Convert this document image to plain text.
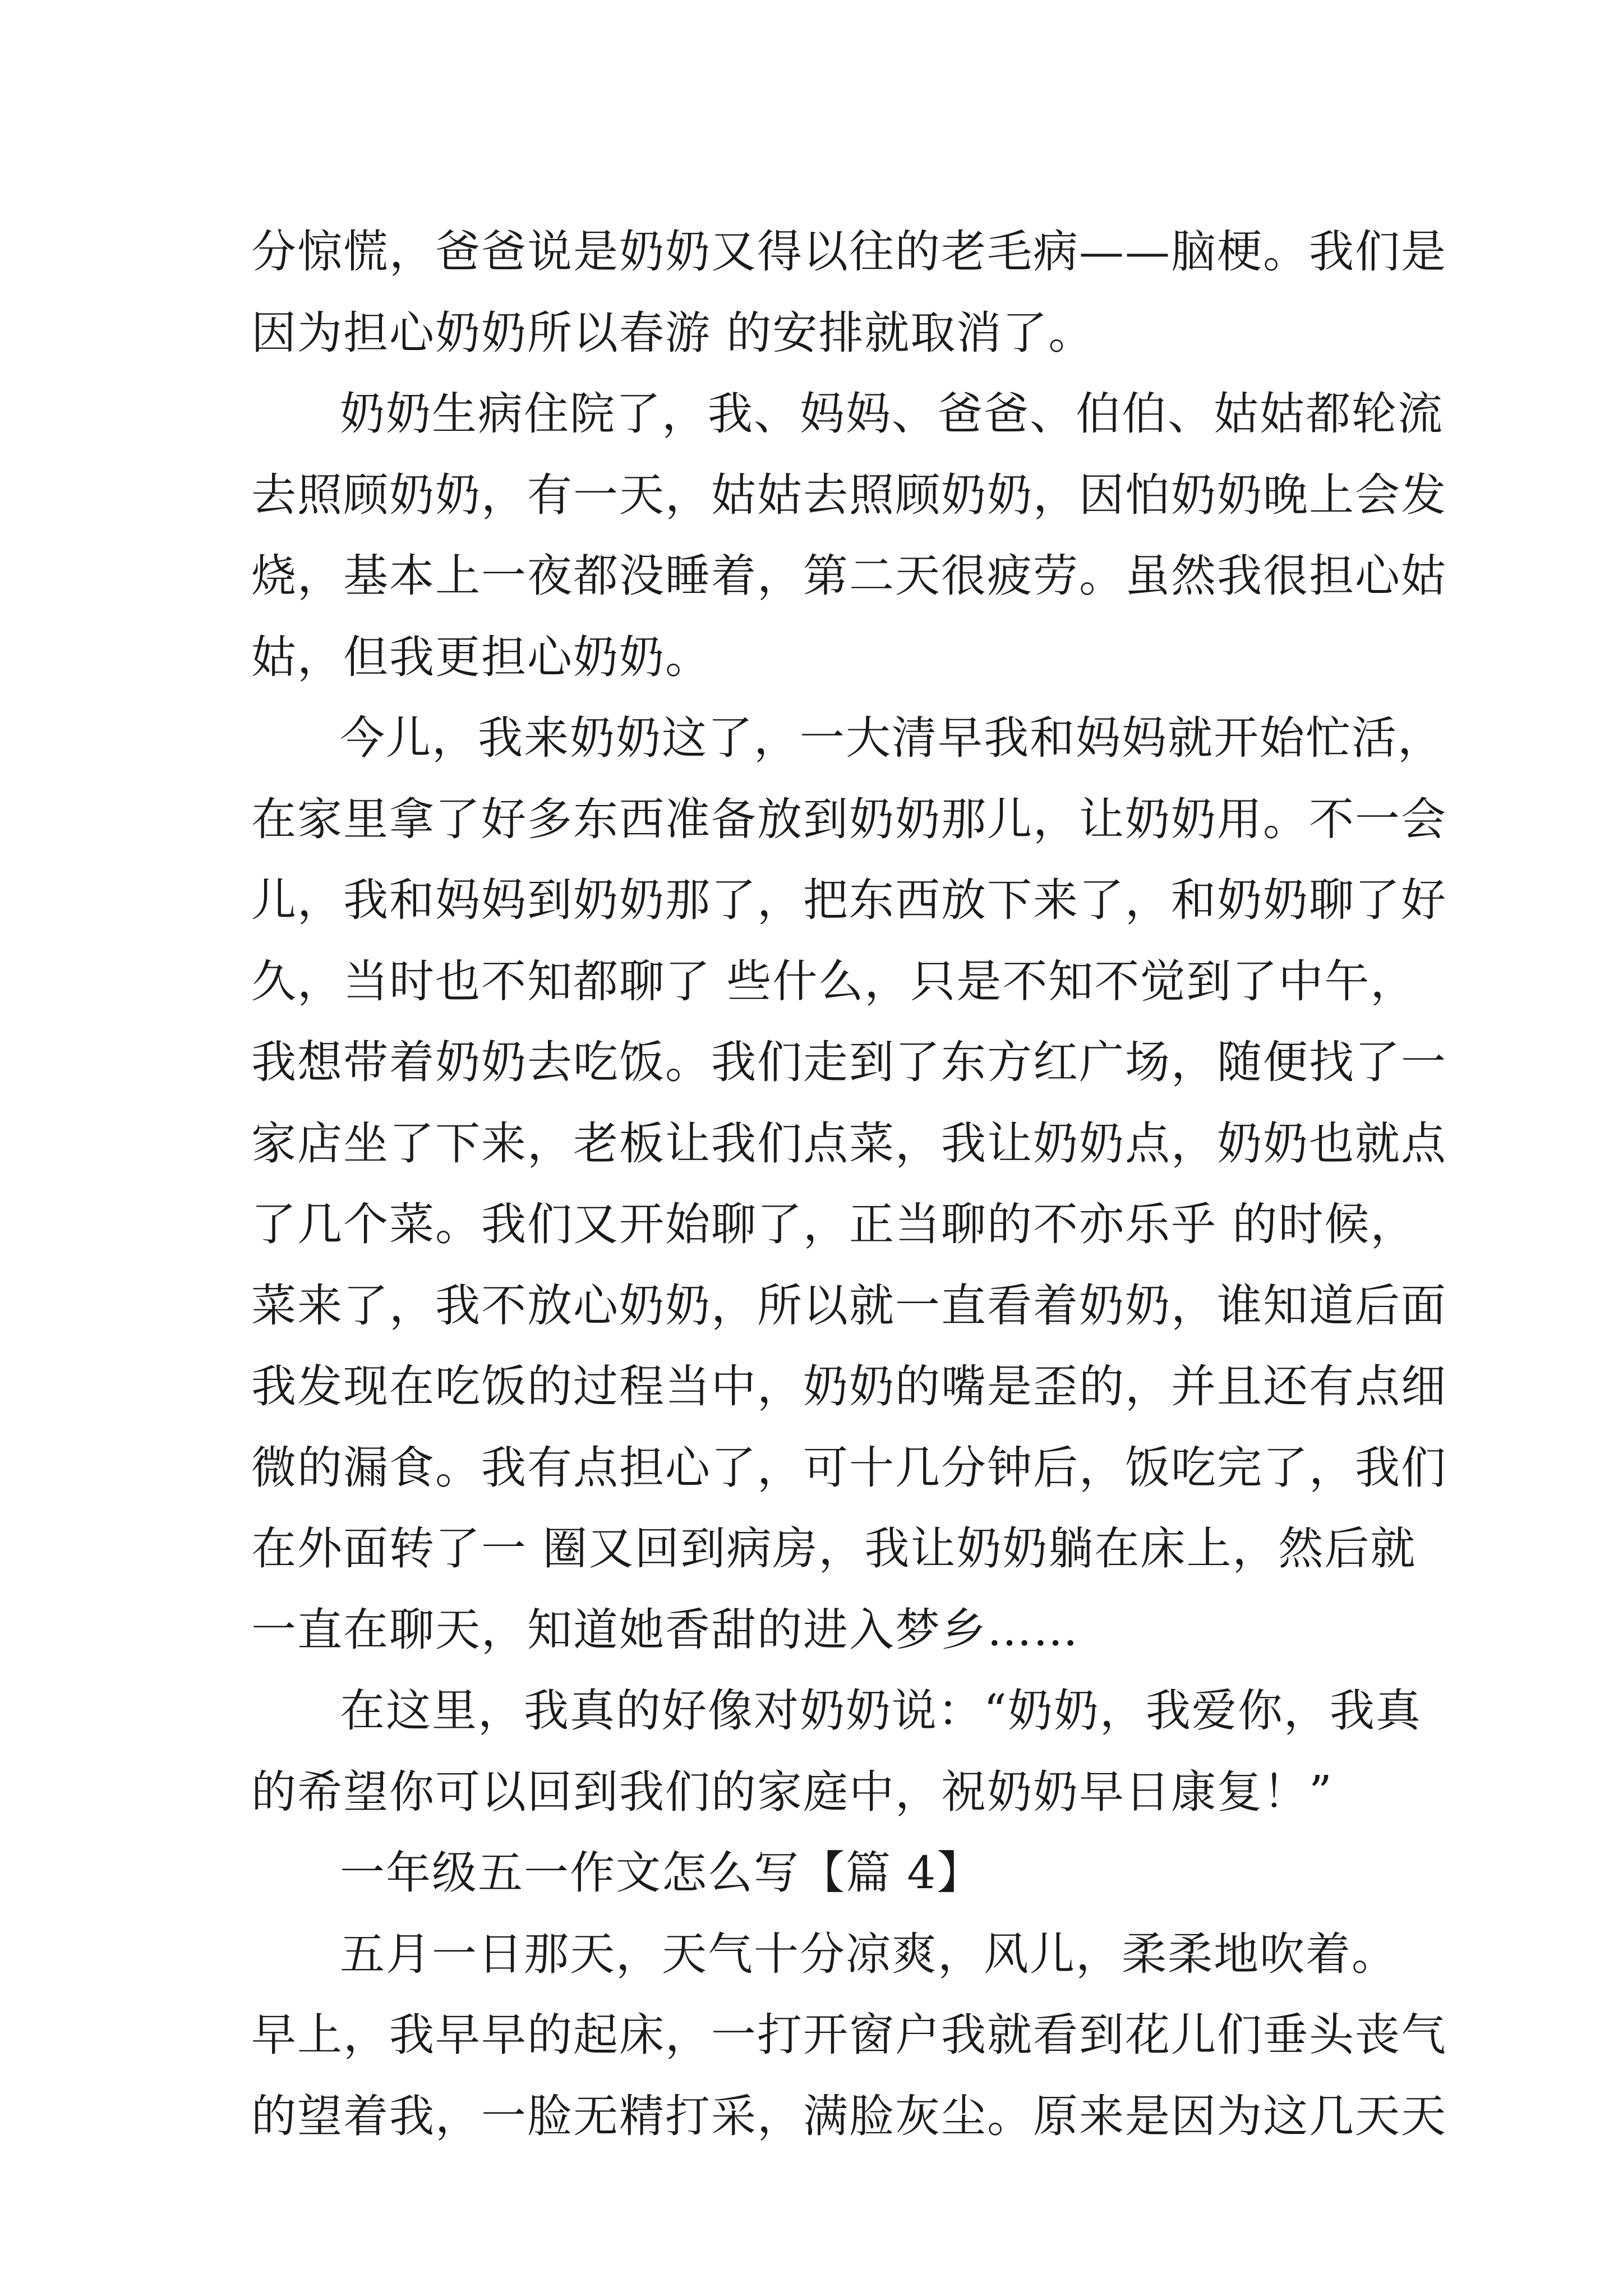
分惊慌，爸爸说是奶奶又得以往的老毛病——脑梗。我们是
因为担心奶奶所以春游 的安排就取消了。
奶奶生病住院了，我、妈妈、爸爸、伯伯、姑姑都轮流
去照顾奶奶，有一天，姑姑去照顾奶奶，因怕奶奶晚上会发
烧，基本上一夜都没睡着，第二天很疲劳。虽然我很担心姑
姑，但我更担心奶奶。
今儿，我来奶奶这了，一大清早我和妈妈就开始忙活，
在家里拿了好多东西准备放到奶奶那儿，让奶奶用。不一会
儿，我和妈妈到奶奶那了，把东西放下来了，和奶奶聊了好
久，当时也不知都聊了 些什么，只是不知不觉到了中午，
我想带着奶奶去吃饭。我们走到了东方红广场，随便找了一
家店坐了下来，老板让我们点菜，我让奶奶点，奶奶也就点
了几个菜。我们又开始聊了，正当聊的不亦乐乎 的时候，
菜来了，我不放心奶奶，所以就一直看着奶奶，谁知道后面
我发现在吃饭的过程当中，奶奶的嘴是歪的，并且还有点细
微的漏食。我有点担心了，可十几分钟后，饭吃完了，我们
在外面转了一 圈又回到病房，我让奶奶躺在床上，然后就
一直在聊天，知道她香甜的进入梦乡……
在这里，我真的好像对奶奶说：“奶奶，我爱你，我真
的希望你可以回到我们的家庭中，祝奶奶早日康复！”
一年级五一作文怎么写【篇 4】
五月一日那天，天气十分凉爽，风儿，柔柔地吹着。
早上，我早早的起床，一打开窗户我就看到花儿们垂头丧气
的望着我，一脸无精打采，满脸灰尘。原来是因为这几天天
